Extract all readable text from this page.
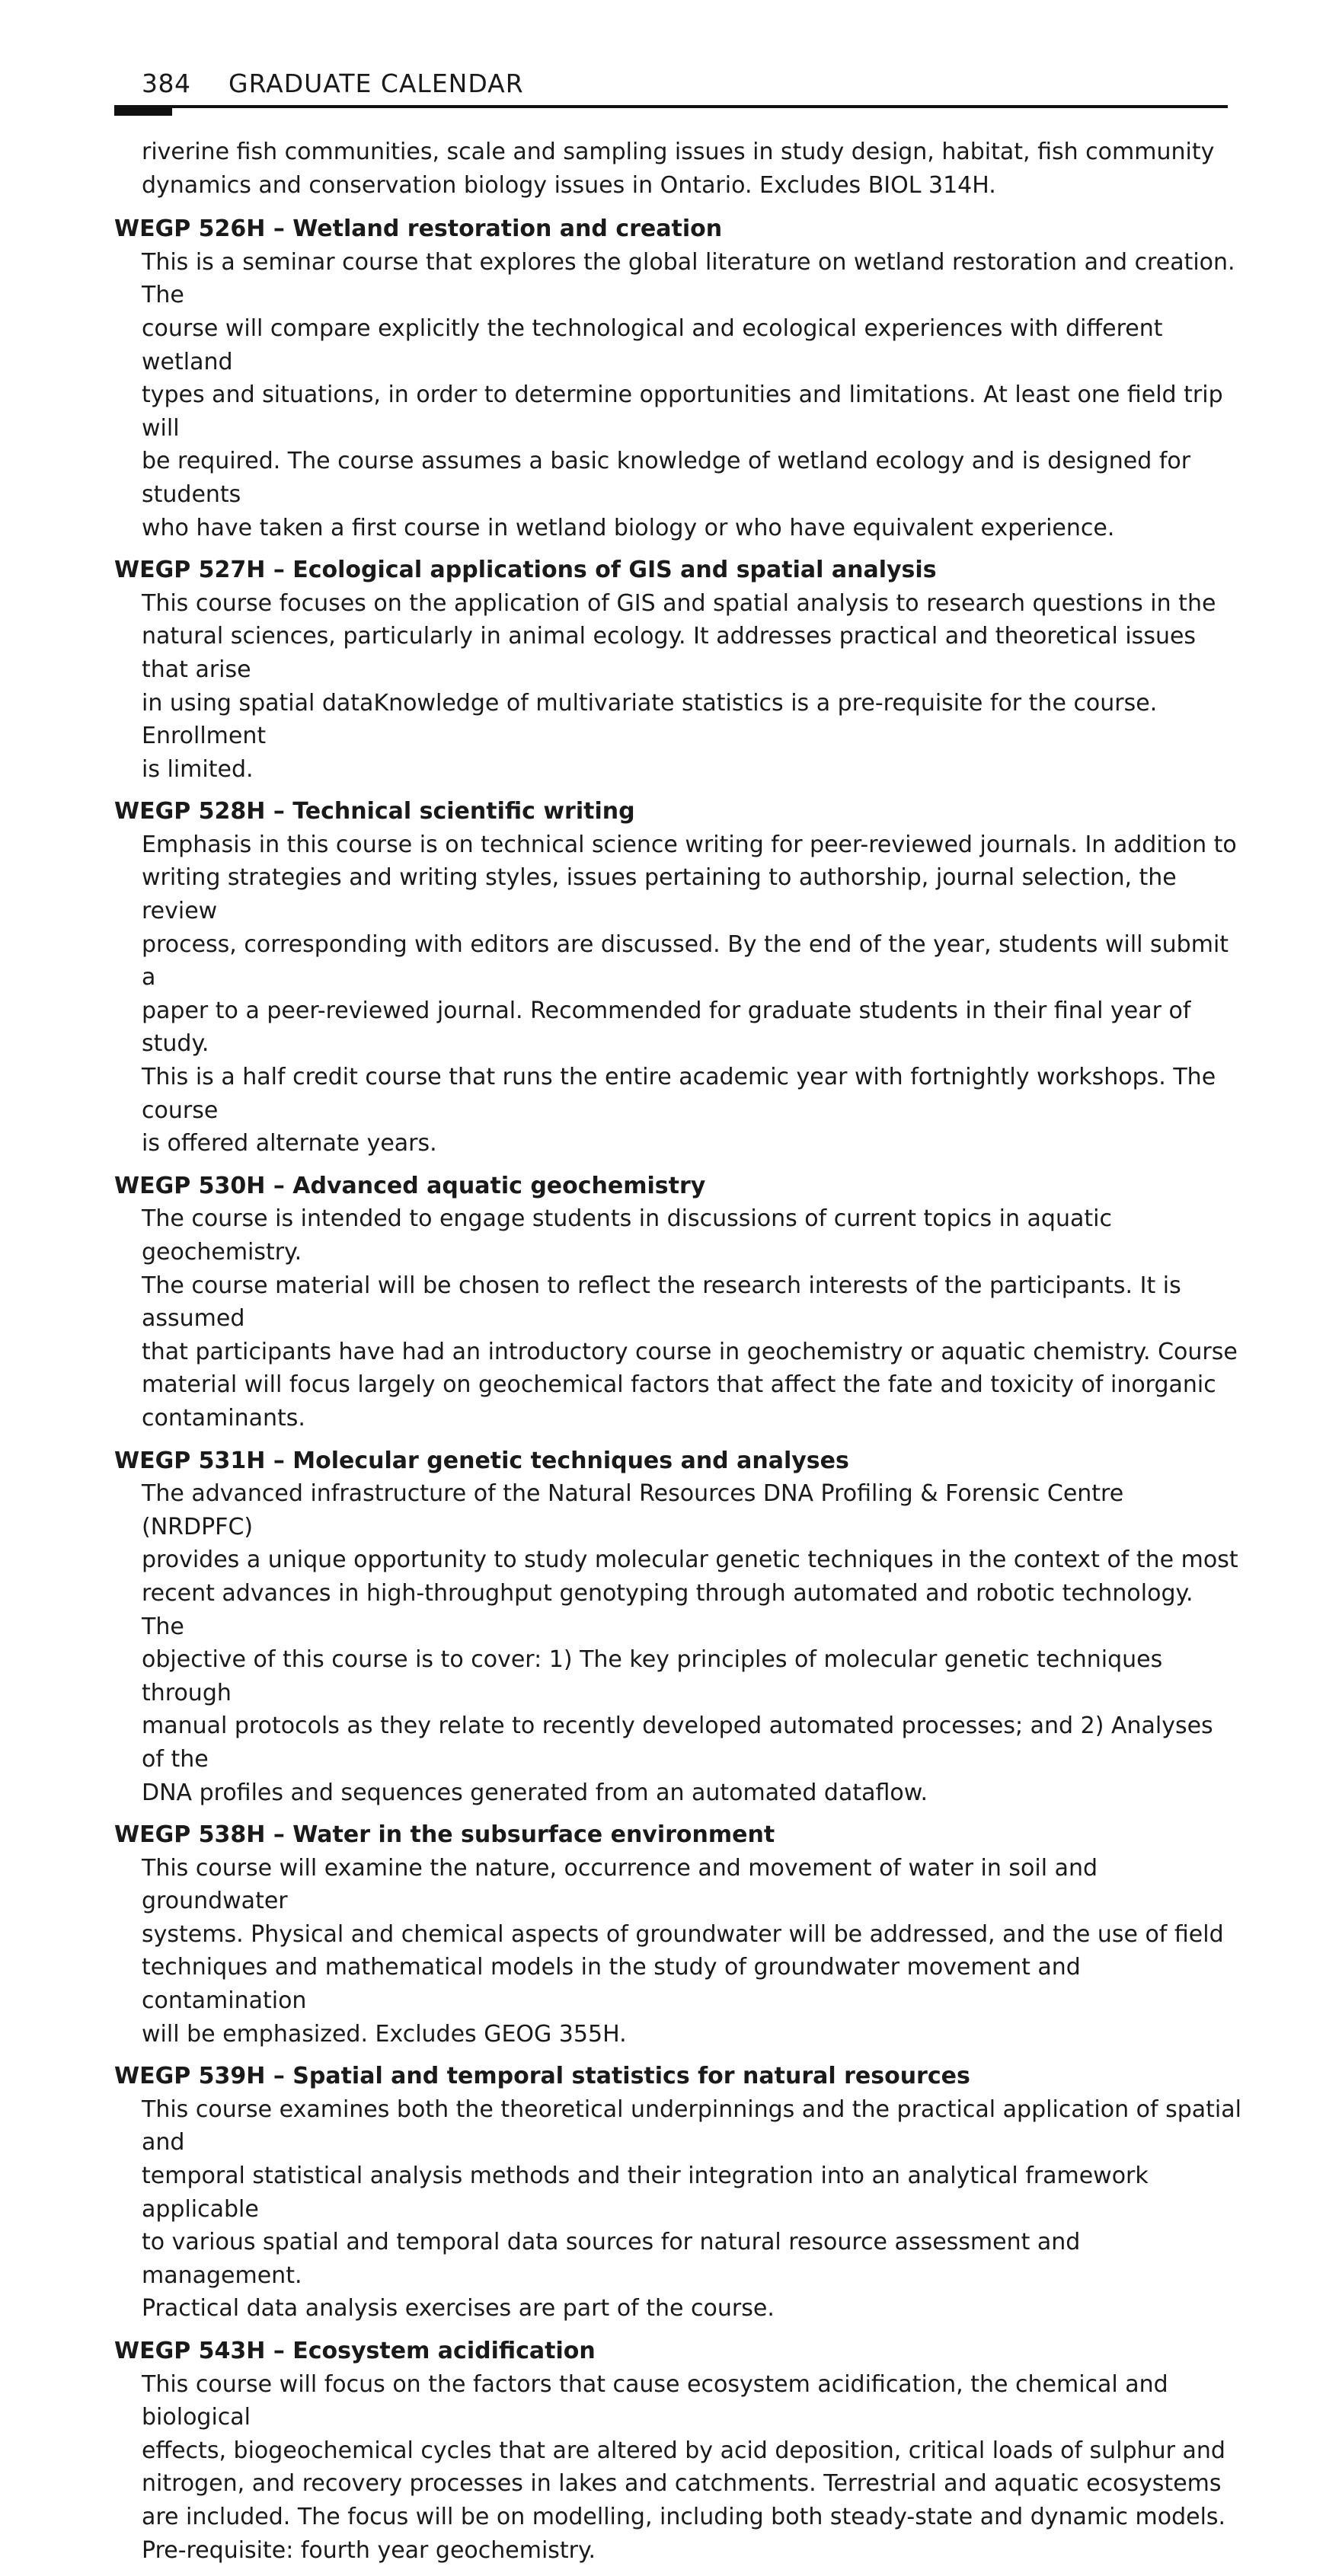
384 GRADUATE CALENDAR

riverine fish communities, scale and sampling issues in study design, habitat, fish community
dynamics and conservation biology issues in Ontario. Excludes BIOL 314H.

WEGP 526H – Wetland restoration and creation

This is a seminar course that explores the global literature on wetland restoration and creation. The
course will compare explicitly the technological and ecological experiences with different wetland
types and situations, in order to determine opportunities and limitations. At least one field trip will
be required. The course assumes a basic knowledge of wetland ecology and is designed for students
who have taken a first course in wetland biology or who have equivalent experience.

WEGP 527H – Ecological applications of GIS and spatial analysis

This course focuses on the application of GIS and spatial analysis to research questions in the
natural sciences, particularly in animal ecology. It addresses practical and theoretical issues that arise
in using spatial dataKnowledge of multivariate statistics is a pre-requisite for the course. Enrollment
is limited.

WEGP 528H – Technical scientific writing

Emphasis in this course is on technical science writing for peer-reviewed journals. In addition to
writing strategies and writing styles, issues pertaining to authorship, journal selection, the review
process, corresponding with editors are discussed. By the end of the year, students will submit a
paper to a peer-reviewed journal. Recommended for graduate students in their final year of study.
This is a half credit course that runs the entire academic year with fortnightly workshops. The course
is offered alternate years.

WEGP 530H – Advanced aquatic geochemistry

The course is intended to engage students in discussions of current topics in aquatic geochemistry.
The course material will be chosen to reflect the research interests of the participants. It is assumed
that participants have had an introductory course in geochemistry or aquatic chemistry. Course
material will focus largely on geochemical factors that affect the fate and toxicity of inorganic
contaminants.

WEGP 531H – Molecular genetic techniques and analyses

The advanced infrastructure of the Natural Resources DNA Profiling & Forensic Centre (NRDPFC)
provides a unique opportunity to study molecular genetic techniques in the context of the most
recent advances in high-throughput genotyping through automated and robotic technology. The
objective of this course is to cover: 1) The key principles of molecular genetic techniques through
manual protocols as they relate to recently developed automated processes; and 2) Analyses of the
DNA profiles and sequences generated from an automated dataflow.

WEGP 538H – Water in the subsurface environment

This course will examine the nature, occurrence and movement of water in soil and groundwater
systems. Physical and chemical aspects of groundwater will be addressed, and the use of field
techniques and mathematical models in the study of groundwater movement and contamination
will be emphasized. Excludes GEOG 355H.

WEGP 539H – Spatial and temporal statistics for natural resources

This course examines both the theoretical underpinnings and the practical application of spatial and
temporal statistical analysis methods and their integration into an analytical framework applicable
to various spatial and temporal data sources for natural resource assessment and management.
Practical data analysis exercises are part of the course.

WEGP 543H – Ecosystem acidification

This course will focus on the factors that cause ecosystem acidification, the chemical and biological
effects, biogeochemical cycles that are altered by acid deposition, critical loads of sulphur and
nitrogen, and recovery processes in lakes and catchments. Terrestrial and aquatic ecosystems
are included. The focus will be on modelling, including both steady-state and dynamic models.
Pre-requisite: fourth year geochemistry.
